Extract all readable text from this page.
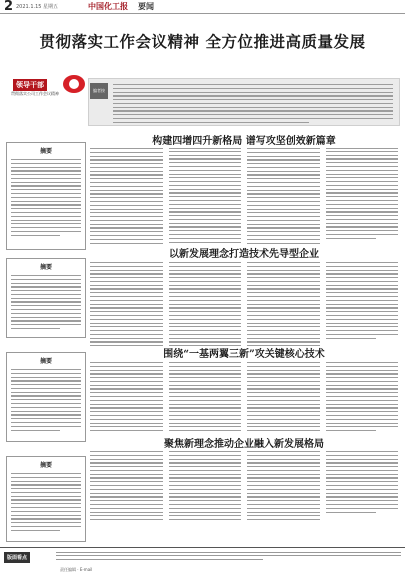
2 2021.1.15 星期五	中国化工报 要闻
贯彻落实工作会议精神 全方位推进高质量发展
领导干部
贯彻落实公司工作会议精神
摘要
摘要
摘要
摘要
编者按
构建四增四升新格局 谱写攻坚创效新篇章
以新发展理念打造技术先导型企业
围绕“一基两翼三新”攻关键核心技术
聚焦新理念推动企业融入新发展格局
版面看点
责任编辑 · E-mail
